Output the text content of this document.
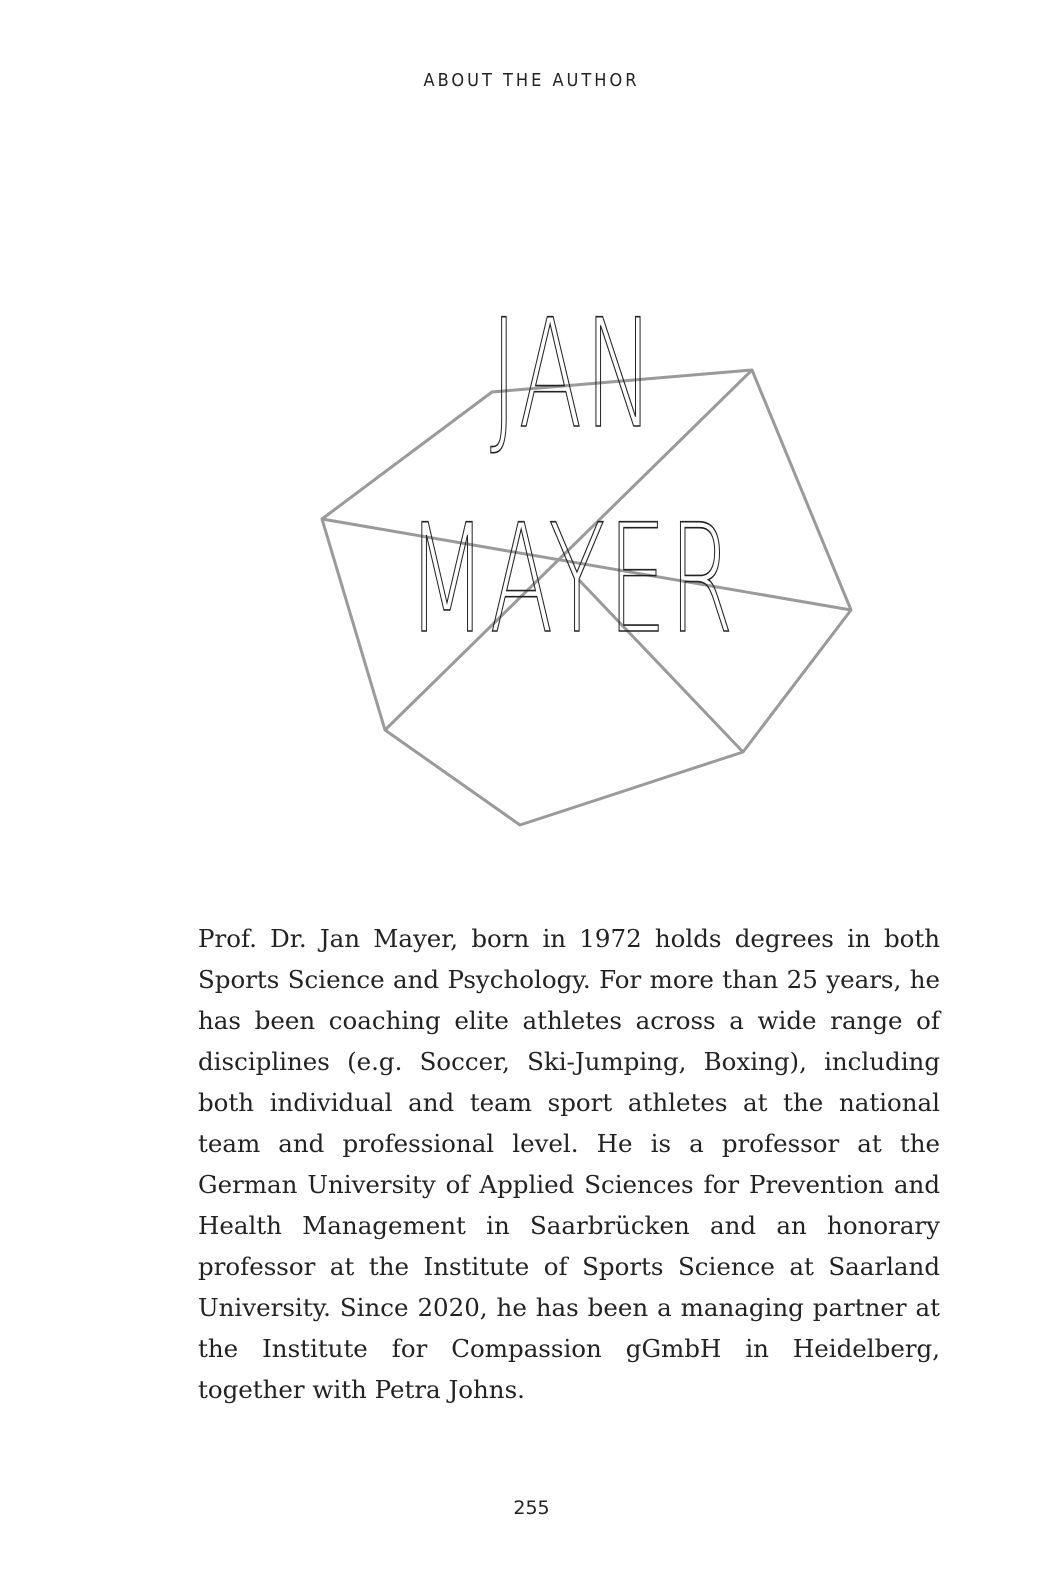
ABOUT THE AUTHOR
JAN
MAYER

Prof. Dr. Jan Mayer, born in 1972 holds degrees in both Sports Science and Psychology. For more than 25 years, he has been coaching elite athletes across a wide range of disciplines (e.g. Soccer, Ski-Jumping, Boxing), including both individual and team sport athletes at the national team and professional level. He is a professor at the German University of Applied Sciences for Prevention and Health Management in Saarbrücken and an honorary professor at the Institute of Sports Science at Saarland University. Since 2020, he has been a managing partner at the Institute for Compassion gGmbH in Heidelberg, together with Petra Johns.

255
